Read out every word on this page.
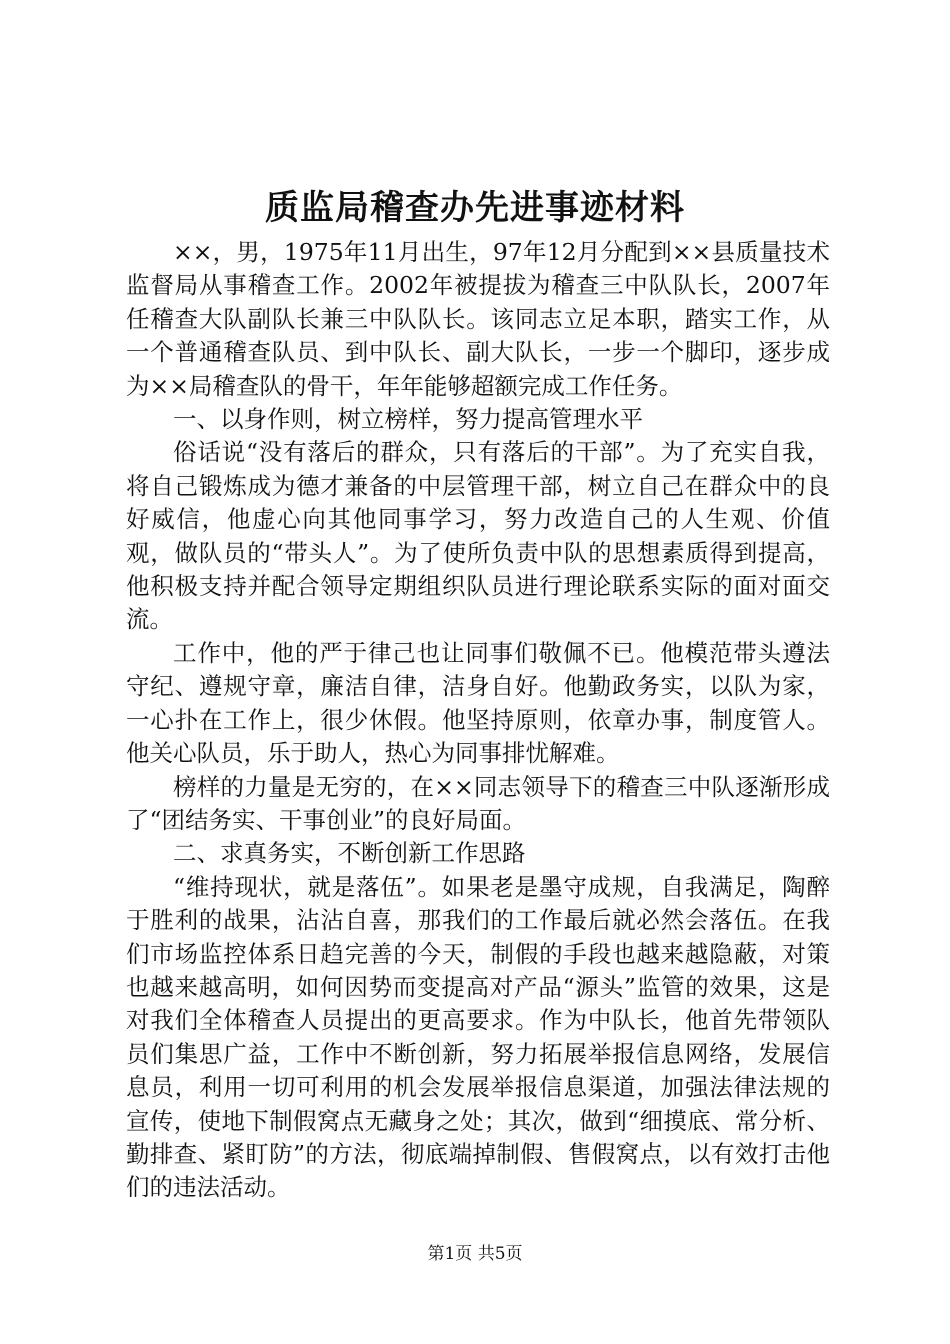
质监局稽查办先进事迹材料

××，男，1975年11月出生，97年12月分配到××县质量技术监督局从事稽查工作。2002年被提拔为稽查三中队队长，2007年任稽查大队副队长兼三中队队长。该同志立足本职，踏实工作，从一个普通稽查队员、到中队长、副大队长，一步一个脚印，逐步成为××局稽查队的骨干，年年能够超额完成工作任务。

一、以身作则，树立榜样，努力提高管理水平

俗话说“没有落后的群众，只有落后的干部”。为了充实自我，将自己锻炼成为德才兼备的中层管理干部，树立自己在群众中的良好威信，他虚心向其他同事学习，努力改造自己的人生观、价值观，做队员的“带头人”。为了使所负责中队的思想素质得到提高，他积极支持并配合领导定期组织队员进行理论联系实际的面对面交流。

工作中，他的严于律己也让同事们敬佩不已。他模范带头遵法守纪、遵规守章，廉洁自律，洁身自好。他勤政务实，以队为家，一心扑在工作上，很少休假。他坚持原则，依章办事，制度管人。他关心队员，乐于助人，热心为同事排忧解难。

榜样的力量是无穷的，在××同志领导下的稽查三中队逐渐形成了“团结务实、干事创业”的良好局面。

二、求真务实，不断创新工作思路

“维持现状，就是落伍”。如果老是墨守成规，自我满足，陶醉于胜利的战果，沾沾自喜，那我们的工作最后就必然会落伍。在我们市场监控体系日趋完善的今天，制假的手段也越来越隐蔽，对策也越来越高明，如何因势而变提高对产品“源头”监管的效果，这是对我们全体稽查人员提出的更高要求。作为中队长，他首先带领队员们集思广益，工作中不断创新，努力拓展举报信息网络，发展信息员，利用一切可利用的机会发展举报信息渠道，加强法律法规的宣传，使地下制假窝点无藏身之处；其次，做到“细摸底、常分析、勤排查、紧盯防”的方法，彻底端掉制假、售假窝点，以有效打击他们的违法活动。

第1页 共5页
